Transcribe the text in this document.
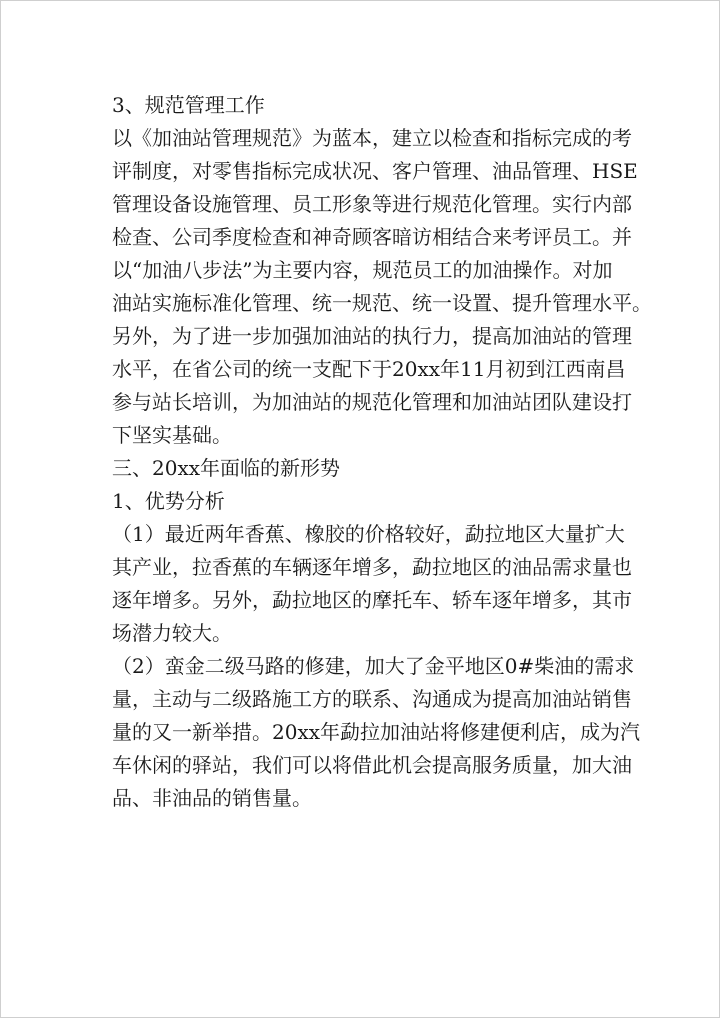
3、规范管理工作
以《加油站管理规范》为蓝本，建立以检查和指标完成的考
评制度，对零售指标完成状况、客户管理、油品管理、HSE
管理设备设施管理、员工形象等进行规范化管理。实行内部
检查、公司季度检查和神奇顾客暗访相结合来考评员工。并
以“加油八步法”为主要内容，规范员工的加油操作。对加
油站实施标准化管理、统一规范、统一设置、提升管理水平。
另外，为了进一步加强加油站的执行力，提高加油站的管理
水平，在省公司的统一支配下于20xx年11月初到江西南昌
参与站长培训，为加油站的规范化管理和加油站团队建设打
下坚实基础。
三、20xx年面临的新形势
1、优势分析
（1）最近两年香蕉、橡胶的价格较好，勐拉地区大量扩大
其产业，拉香蕉的车辆逐年增多，勐拉地区的油品需求量也
逐年增多。另外，勐拉地区的摩托车、轿车逐年增多，其市
场潜力较大。
（2）蛮金二级马路的修建，加大了金平地区0#柴油的需求
量，主动与二级路施工方的联系、沟通成为提高加油站销售
量的又一新举措。20xx年勐拉加油站将修建便利店，成为汽
车休闲的驿站，我们可以将借此机会提高服务质量，加大油
品、非油品的销售量。
